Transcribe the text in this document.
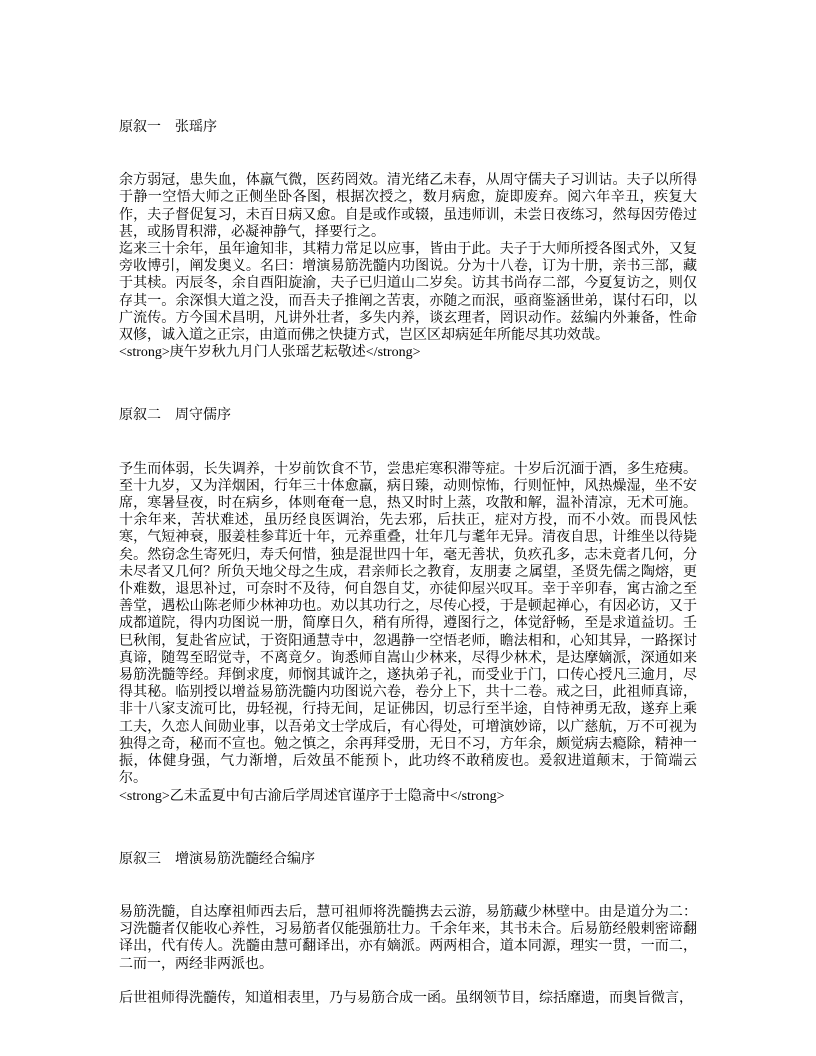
原叙一　张瑶序

余方弱冠，患失血，体羸气微，医药罔效。清光绪乙未春，从周守儒夫子习训诂。夫子以所得于静一空悟大师之正侧坐卧各图，根据次授之，数月病愈，旋即废弃。阅六年辛丑，疾复大作，夫子督促复习，未百日病又愈。自是或作或辍，虽违师训，未尝日夜练习，然每因劳倦过甚，或肠胃积滞，必凝神静气，择要行之。

迄来三十余年，虽年逾知非，其精力常足以应事，皆由于此。夫子于大师所授各图式外，又复旁收博引，阐发奥义。名曰：增演易筋洗髓内功图说。分为十八卷，订为十册，亲书三部，藏于其椟。丙辰冬，余自酉阳旋渝，夫子已归道山二岁矣。访其书尚存二部，今夏复访之，则仅存其一。余深惧大道之没，而吾夫子推阐之苦衷，亦随之而泯，亟商鉴涵世弟，谋付石印，以广流传。方今国术昌明，凡讲外壮者，多失内养，谈玄理者，罔识动作。兹编内外兼备，性命双修，诚入道之正宗，由道而佛之快捷方式，岂区区却病延年所能尽其功效哉。

<strong>庚午岁秋九月门人张瑶艺耘敬述</strong>

原叙二　周守儒序

予生而体弱，长失调养，十岁前饮食不节，尝患疟寒积滞等症。十岁后沉湎于酒，多生疮痍。至十九岁，又为洋烟困，行年三十体愈羸，病日臻，动则惊怖，行则怔忡，风热燥湿，坐不安席，寒暑昼夜，时在病乡，体则奄奄一息，热又时时上蒸，攻散和解，温补清凉，无术可施。十余年来，苦状难述，虽历经良医调治，先去邪，后扶正，症对方投，而不小效。而畏风怯寒，气短神衰，服姜桂参茸近十年，元养重叠，壮年几与耄年无异。清夜自思，计维坐以待毙矣。然窃念生寄死归，寿夭何惜，独是混世四十年，毫无善状，负疚孔多，志未竟者几何，分未尽者又几何？所负天地父母之生成，君亲师长之教育，友朋妻 之属望，圣贤先儒之陶熔，更仆难数，退思补过，可奈时不及待，何自怨自艾，亦徒仰屋兴叹耳。幸于辛卯春，寓古渝之至善堂，遇松山陈老师少林神功也。劝以其功行之，尽传心授，于是顿起禅心，有因必访，又于成都道院，得内功图说一册，简摩日久，稍有所得，遵图行之，体觉舒畅，至是求道益切。壬巳秋闱，复赴省应试，于资阳通慧寺中，忽遇静一空悟老师，瞻法相和，心知其异，一路探讨真谛，随驾至昭觉寺，不离竟夕。询悉师自嵩山少林来，尽得少林术，是达摩嫡派，深通如来易筋洗髓等经。拜倒求度，师悯其诚许之，遂执弟子礼，而受业于门，口传心授凡三逾月，尽得其秘。临别授以增益易筋洗髓内功图说六卷，卷分上下，共十二卷。戒之曰，此祖师真谛，非十八家支流可比，毋轻视，行持无间，足证佛因，切忌行至半途，自恃神勇无敌，遂弃上乘工夫，久恋人间勋业事，以吾弟文士学成后，有心得处，可增演妙谛，以广慈航，万不可视为独得之奇，秘而不宣也。勉之慎之，余再拜受册，无日不习，方年余，颇觉病去瘾除，精神一振，体健身强，气力渐增，后效虽不能预卜，此功终不敢稍废也。爰叙进道颠末，于简端云尔。

<strong>乙未孟夏中旬古渝后学周述官谨序于士隐斋中</strong>

原叙三　增演易筋洗髓经合编序

易筋洗髓，自达摩祖师西去后，慧可祖师将洗髓携去云游，易筋藏少林壁中。由是道分为二：习洗髓者仅能收心养性，习易筋者仅能强筋壮力。千余年来，其书未合。后易筋经般剌密谛翻译出，代有传人。洗髓由慧可翻译出，亦有嫡派。两两相合，道本同源，理实一贯，一而二，二而一，两经非两派也。

后世祖师得洗髓传，知道相表里，乃与易筋合成一函。虽纲领节目，综括靡遗，而奥旨微言，
